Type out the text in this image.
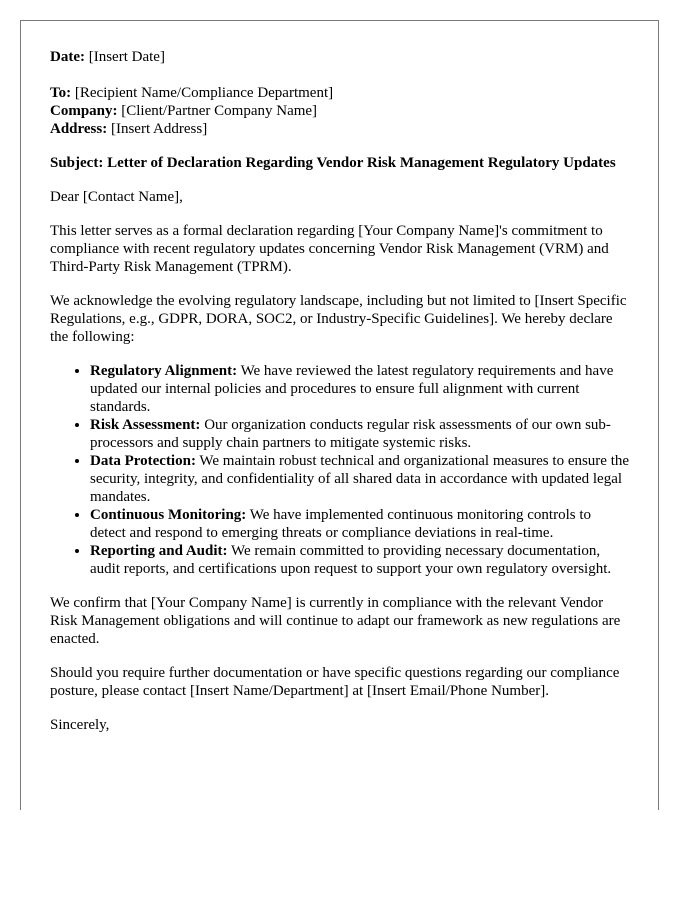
Date: [Insert Date]

To: [Recipient Name/Compliance Department]

Company: [Client/Partner Company Name]

Address: [Insert Address]

Subject: Letter of Declaration Regarding Vendor Risk Management Regulatory Updates

Dear [Contact Name],

This letter serves as a formal declaration regarding [Your Company Name]'s commitment to compliance with recent regulatory updates concerning Vendor Risk Management (VRM) and Third-Party Risk Management (TPRM).

We acknowledge the evolving regulatory landscape, including but not limited to [Insert Specific Regulations, e.g., GDPR, DORA, SOC2, or Industry-Specific Guidelines]. We hereby declare the following:

• Regulatory Alignment: We have reviewed the latest regulatory requirements and have updated our internal policies and procedures to ensure full alignment with current standards.
• Risk Assessment: Our organization conducts regular risk assessments of our own sub-processors and supply chain partners to mitigate systemic risks.
• Data Protection: We maintain robust technical and organizational measures to ensure the security, integrity, and confidentiality of all shared data in accordance with updated legal mandates.
• Continuous Monitoring: We have implemented continuous monitoring controls to detect and respond to emerging threats or compliance deviations in real-time.
• Reporting and Audit: We remain committed to providing necessary documentation, audit reports, and certifications upon request to support your own regulatory oversight.

We confirm that [Your Company Name] is currently in compliance with the relevant Vendor Risk Management obligations and will continue to adapt our framework as new regulations are enacted.

Should you require further documentation or have specific questions regarding our compliance posture, please contact [Insert Name/Department] at [Insert Email/Phone Number].

Sincerely,
